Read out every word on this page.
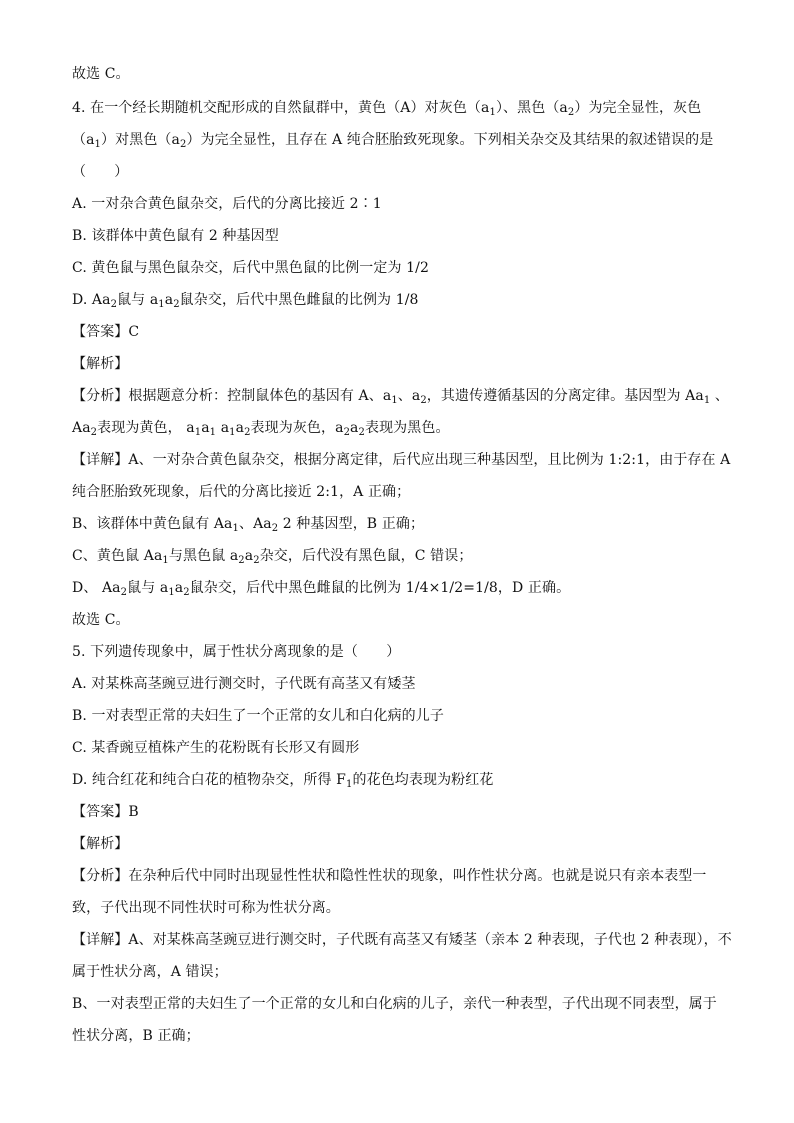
故选 C。
4. 在一个经长期随机交配形成的自然鼠群中，黄色（A）对灰色$(a_1)$、黑色$(a_2)$为完全显性，灰色
$(a_1)$对黑色$(a_2)$为完全显性，且存在 A 纯合胚胎致死现象。下列相关杂交及其结果的叙述错误的是
（　　）
A. 一对杂合黄色鼠杂交，后代的分离比接近 2∶1
B. 该群体中黄色鼠有 2 种基因型
C. 黄色鼠与黑色鼠杂交，后代中黑色鼠的比例一定为 1/2
D. $Aa_2$鼠与 $a_1a_2$鼠杂交，后代中黑色雌鼠的比例为 1/8
【答案】C
【解析】
【分析】根据题意分析：控制鼠体色的基因有 A、$a_1$、$a_2$，其遗传遵循基因的分离定律。基因型为 $Aa_1$ 、
$Aa_2$表现为黄色， $a_1a_1$ $a_1a_2$表现为灰色，$a_2a_2$表现为黑色。
【详解】A、一对杂合黄色鼠杂交，根据分离定律，后代应出现三种基因型，且比例为 1:2:1，由于存在 A
纯合胚胎致死现象，后代的分离比接近 2:1，A 正确；
B、该群体中黄色鼠有 $Aa_1$、$Aa_2$ 2 种基因型，B 正确；
C、黄色鼠 $Aa_1$与黑色鼠 $a_2a_2$杂交，后代没有黑色鼠，C 错误；
D、 $Aa_2$鼠与 $a_1a_2$鼠杂交，后代中黑色雌鼠的比例为 1/4×1/2=1/8，D 正确。
故选 C。
5. 下列遗传现象中，属于性状分离现象的是（　　）
A. 对某株高茎豌豆进行测交时，子代既有高茎又有矮茎
B. 一对表型正常的夫妇生了一个正常的女儿和白化病的儿子
C. 某香豌豆植株产生的花粉既有长形又有圆形
D. 纯合红花和纯合白花的植物杂交，所得 $F_1$的花色均表现为粉红花
【答案】B
【解析】
【分析】在杂种后代中同时出现显性性状和隐性性状的现象，叫作性状分离。也就是说只有亲本表型一
致，子代出现不同性状时可称为性状分离。
【详解】A、对某株高茎豌豆进行测交时，子代既有高茎又有矮茎（亲本 2 种表现，子代也 2 种表现），不
属于性状分离，A 错误；
B、一对表型正常的夫妇生了一个正常的女儿和白化病的儿子，亲代一种表型，子代出现不同表型，属于
性状分离，B 正确；
